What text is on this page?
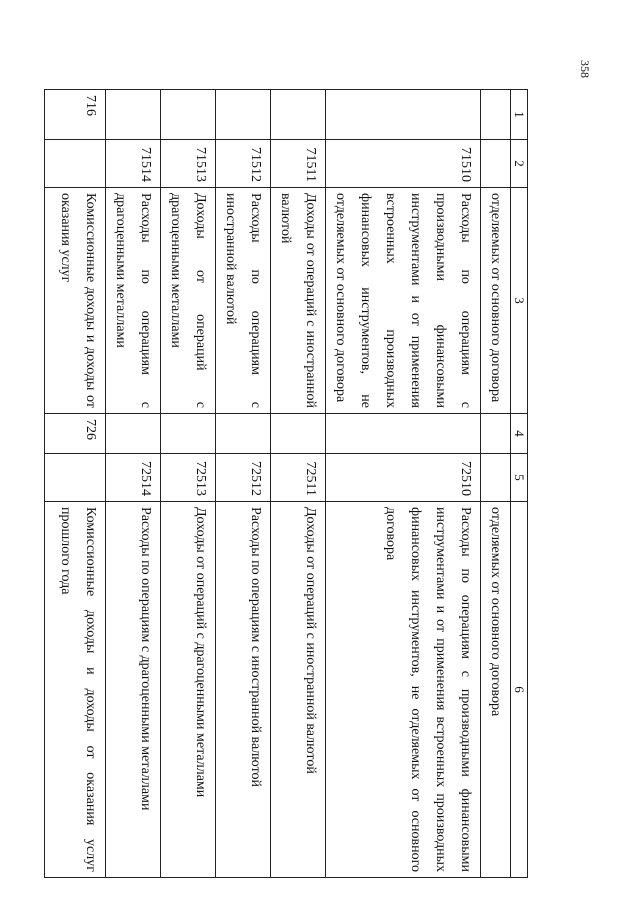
358
1	2	3	4	5	6
		отделяемых от основного договора			отделяемых от основного договора
	71510	Расходы по операциям с производными финансовыми инструментами и от применения встроенных производных финансовых инструментов, не отделяемых от основного договора		72510	Расходы по операциям с производными финансовыми инструментами и от применения встроенных производных финансовых инструментов, не отделяемых от основного договора
	71511	Доходы от операций с иностранной валютой		72511	Доходы от операций с иностранной валютой
	71512	Расходы по операциям с иностранной валютой		72512	Расходы по операциям с иностранной валютой
	71513	Доходы от операций с драгоценными металлами		72513	Доходы от операций с драгоценными металлами
	71514	Расходы по операциям с драгоценными металлами		72514	Расходы по операциям с драгоценными металлами
716		Комиссионные доходы и доходы от оказания услуг	726		Комиссионные доходы и доходы от оказания услуг прошлого года
